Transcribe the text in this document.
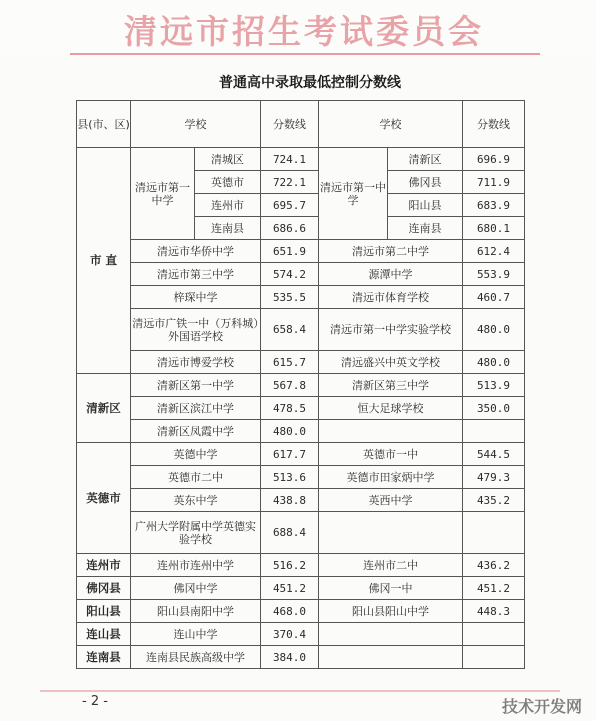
清远市招生考试委员会
普通高中录取最低控制分数线
县(市、区)	学校		分数线	学校		分数线
市 直	清远市第一中学	清城区	724.1	清远市第一中学	清新区	696.9
		英德市	722.1		佛冈县	711.9
		连州市	695.7		阳山县	683.9
		连南县	686.6		连南县	680.1
	清远市华侨中学		651.9	清远市第二中学		612.4
	清远市第三中学		574.2	源潭中学		553.9
	梓琛中学		535.5	清远市体育学校		460.7
	清远市广铁一中（万科城）外国语学校		658.4	清远市第一中学实验学校		480.0
	清远市博爱学校		615.7	清远盛兴中英文学校		480.0
清新区	清新区第一中学		567.8	清新区第三中学		513.9
	清新区滨江中学		478.5	恒大足球学校		350.0
	清新区凤霞中学		480.0			
英德市	英德中学		617.7	英德市一中		544.5
	英德市二中		513.6	英德市田家炳中学		479.3
	英东中学		438.8	英西中学		435.2
	广州大学附属中学英德实验学校		688.4			
连州市	连州市连州中学		516.2	连州市二中		436.2
佛冈县	佛冈中学		451.2	佛冈一中		451.2
阳山县	阳山县南阳中学		468.0	阳山县阳山中学		448.3
连山县	连山中学		370.4			
连南县	连南县民族高级中学		384.0			
- 2 -	技术开发网
